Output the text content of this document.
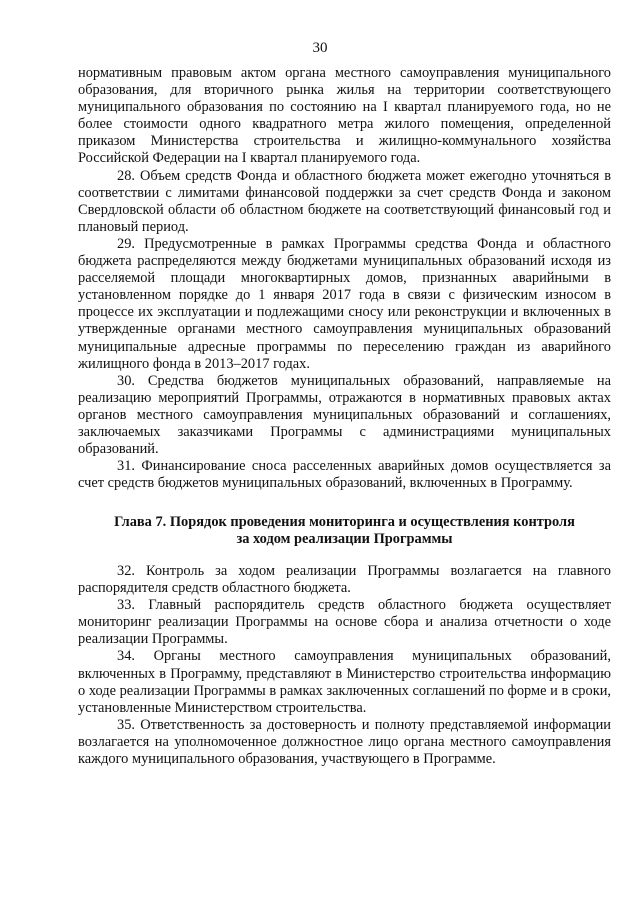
30

нормативным правовым актом органа местного самоуправления муниципального образования, для вторичного рынка жилья на территории соответствующего муниципального образования по состоянию на I квартал планируемого года, но не более стоимости одного квадратного метра жилого помещения, определенной приказом Министерства строительства и жилищно-коммунального хозяйства Российской Федерации на I квартал планируемого года.

28. Объем средств Фонда и областного бюджета может ежегодно уточняться в соответствии с лимитами финансовой поддержки за счет средств Фонда и законом Свердловской области об областном бюджете на соответствующий финансовый год и плановый период.

29. Предусмотренные в рамках Программы средства Фонда и областного бюджета распределяются между бюджетами муниципальных образований исходя из расселяемой площади многоквартирных домов, признанных аварийными в установленном порядке до 1 января 2017 года в связи с физическим износом в процессе их эксплуатации и подлежащими сносу или реконструкции и включенных в утвержденные органами местного самоуправления муниципальных образований муниципальные адресные программы по переселению граждан из аварийного жилищного фонда в 2013–2017 годах.

30. Средства бюджетов муниципальных образований, направляемые на реализацию мероприятий Программы, отражаются в нормативных правовых актах органов местного самоуправления муниципальных образований и соглашениях, заключаемых заказчиками Программы с администрациями муниципальных образований.

31. Финансирование сноса расселенных аварийных домов осуществляется за счет средств бюджетов муниципальных образований, включенных в Программу.

Глава 7. Порядок проведения мониторинга и осуществления контроля
за ходом реализации Программы

32. Контроль за ходом реализации Программы возлагается на главного распорядителя средств областного бюджета.

33. Главный распорядитель средств областного бюджета осуществляет мониторинг реализации Программы на основе сбора и анализа отчетности о ходе реализации Программы.

34. Органы местного самоуправления муниципальных образований, включенных в Программу, представляют в Министерство строительства информацию о ходе реализации Программы в рамках заключенных соглашений по форме и в сроки, установленные Министерством строительства.

35. Ответственность за достоверность и полноту представляемой информации возлагается на уполномоченное должностное лицо органа местного самоуправления каждого муниципального образования, участвующего в Программе.
